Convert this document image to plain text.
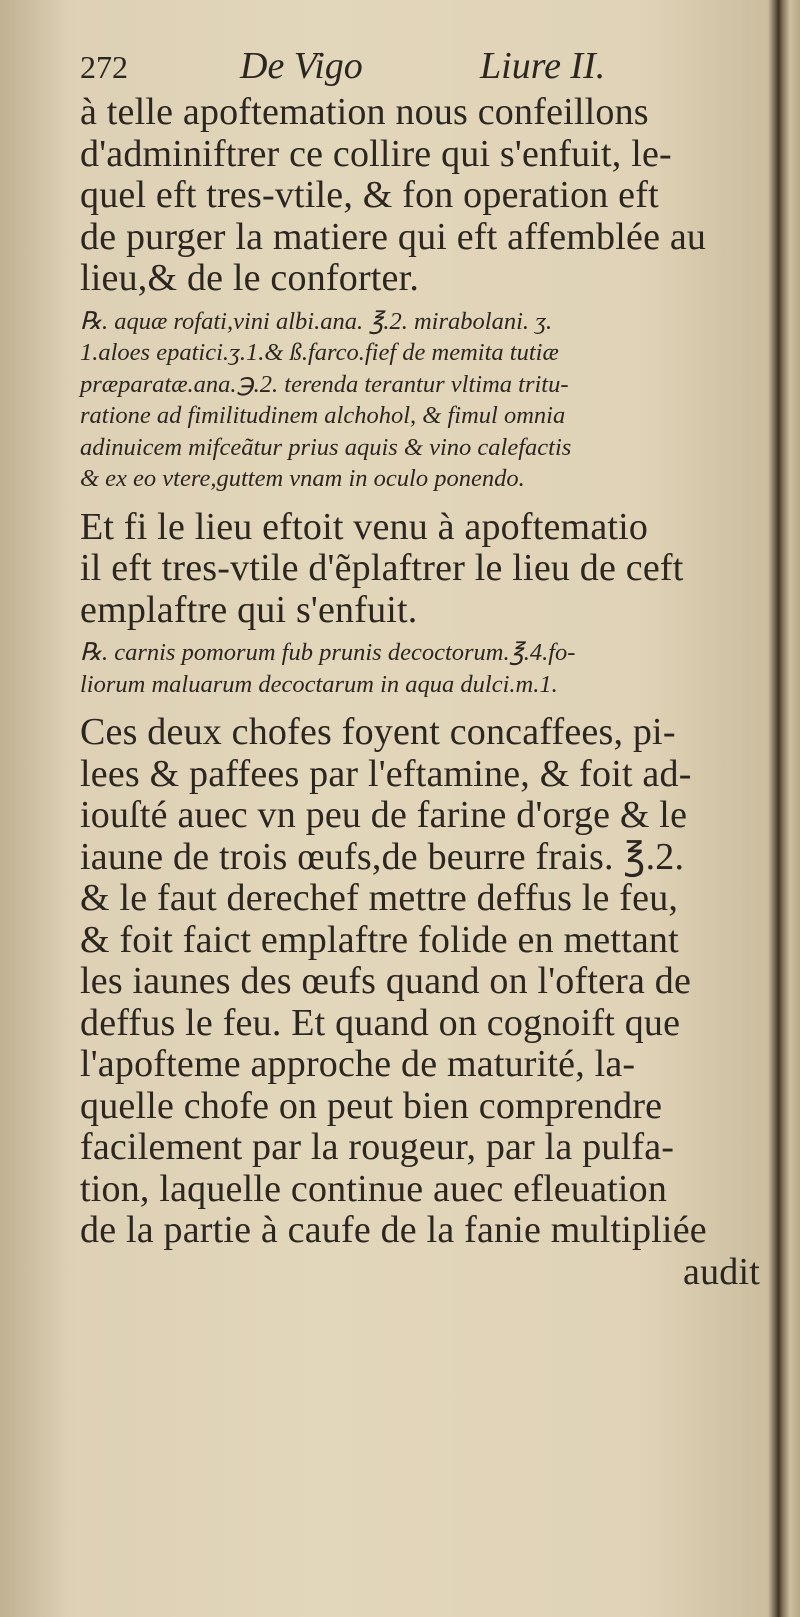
272	De Vigo	Liure II.
à telle apoftemation nous confeillons
d'adminiftrer ce collire qui s'enfuit, le-
quel eft tres-vtile, & fon operation eft
de purger la matiere qui eft affemblée au
lieu,& de le conforter.
℞. aquæ rofati,vini albi.ana. ℥.2. mirabolani. ʒ.
1.aloes epatici.ʒ.1.& ß.farco.fief de memita tutiæ
præparatæ.ana.℈.2. terenda terantur vltima tritu-
ratione ad fimilitudinem alchohol, & fimul omnia
adinuicem mifceãtur prius aquis & vino calefactis
& ex eo vtere,guttem vnam in oculo ponendo.
Et fi le lieu eftoit venu à apoftematio
il eft tres-vtile d'ẽplaftrer le lieu de ceft
emplaftre qui s'enfuit.
℞. carnis pomorum fub prunis decoctorum.℥.4.fo-
liorum maluarum decoctarum in aqua dulci.m.1.
Ces deux chofes foyent concaffees, pi-
lees & paffees par l'eftamine, & foit ad-
iouſté auec vn peu de farine d'orge & le
iaune de trois œufs,de beurre frais. ℥.2.
& le faut derechef mettre deffus le feu,
& foit faict emplaftre folide en mettant
les iaunes des œufs quand on l'oftera de
deffus le feu. Et quand on cognoift que
l'apofteme approche de maturité, la-
quelle chofe on peut bien comprendre
facilement par la rougeur, par la pulfa-
tion, laquelle continue auec efleuation
de la partie à caufe de la fanie multipliée
audit
